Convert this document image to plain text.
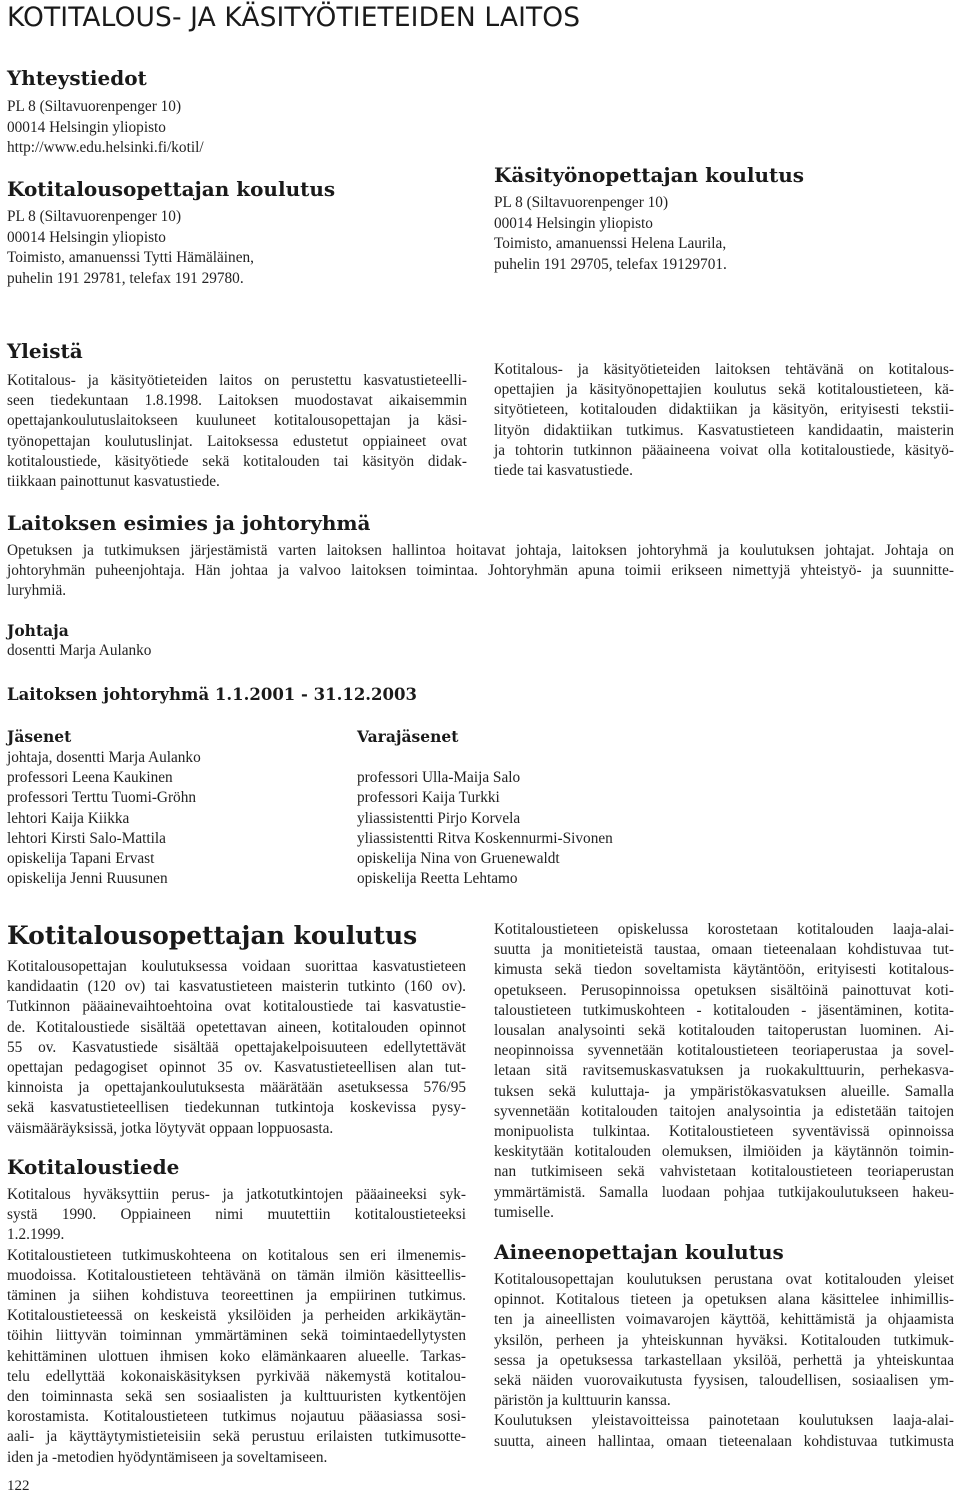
KOTITALOUS- JA KÄSITYÖTIETEIDEN LAITOS
Yhteystiedot
PL 8 (Siltavuorenpenger 10)
00014 Helsingin yliopisto
http://www.edu.helsinki.fi/kotil/
Kotitalousopettajan koulutus
PL 8 (Siltavuorenpenger 10)
00014 Helsingin yliopisto
Toimisto, amanuenssi Tytti Hämäläinen,
puhelin 191 29781, telefax 191 29780.
Käsityönopettajan koulutus
PL 8 (Siltavuorenpenger 10)
00014 Helsingin yliopisto
Toimisto, amanuenssi Helena Laurila,
puhelin 191 29705, telefax 19129701.
Yleistä
Kotitalous- ja käsityötieteiden laitos on perustettu kasvatustieteelli-
seen tiedekuntaan 1.8.1998. Laitoksen muodostavat aikaisemmin
opettajankoulutuslaitokseen kuuluneet kotitalousopettajan ja käsi-
työnopettajan koulutuslinjat. Laitoksessa edustetut oppiaineet ovat
kotitaloustiede, käsityötiede sekä kotitalouden tai käsityön didak-
tiikkaan painottunut kasvatustiede.
Kotitalous- ja käsityötieteiden laitoksen tehtävänä on kotitalous-
opettajien ja käsityönopettajien koulutus sekä kotitaloustieteen, kä-
sityötieteen, kotitalouden didaktiikan ja käsityön, erityisesti tekstii-
lityön didaktiikan tutkimus. Kasvatustieteen kandidaatin, maisterin
ja tohtorin tutkinnon pääaineena voivat olla kotitaloustiede, käsityö-
tiede tai kasvatustiede.
Laitoksen esimies ja johtoryhmä
Opetuksen ja tutkimuksen järjestämistä varten laitoksen hallintoa hoitavat johtaja, laitoksen johtoryhmä ja koulutuksen johtajat. Johtaja on
johtoryhmän puheenjohtaja. Hän johtaa ja valvoo laitoksen toimintaa. Johtoryhmän apuna toimii erikseen nimettyjä yhteistyö- ja suunnitte-
luryhmiä.
Johtaja
dosentti Marja Aulanko
Laitoksen johtoryhmä 1.1.2001 - 31.12.2003
Jäsenet	Varajäsenet
johtaja, dosentti Marja Aulanko
professori Leena Kaukinen
professori Terttu Tuomi-Gröhn
lehtori Kaija Kiikka
lehtori Kirsti Salo-Mattila
opiskelija Tapani Ervast
opiskelija Jenni Ruusunen
professori Ulla-Maija Salo
professori Kaija Turkki
yliassistentti Pirjo Korvela
yliassistentti Ritva Koskennurmi-Sivonen
opiskelija Nina von Gruenewaldt
opiskelija Reetta Lehtamo
Kotitalousopettajan koulutus
Kotitalousopettajan koulutuksessa voidaan suorittaa kasvatustieteen
kandidaatin (120 ov) tai kasvatustieteen maisterin tutkinto (160 ov).
Tutkinnon pääainevaihtoehtoina ovat kotitaloustiede tai kasvatustie-
de. Kotitaloustiede sisältää opetettavan aineen, kotitalouden opinnot
55 ov. Kasvatustiede sisältää opettajakelpoisuuteen edellytettävät
opettajan pedagogiset opinnot 35 ov. Kasvatustieteellisen alan tut-
kinnoista ja opettajankoulutuksesta määrätään asetuksessa 576/95
sekä kasvatustieteellisen tiedekunnan tutkintoja koskevissa pysy-
väismääräyksissä, jotka löytyvät oppaan loppuosasta.
Kotitaloustiede
Kotitalous hyväksyttiin perus- ja jatkotutkintojen pääaineeksi syk-
systä 1990. Oppiaineen nimi muutettiin kotitaloustieteeksi
1.2.1999.
Kotitaloustieteen tutkimuskohteena on kotitalous sen eri ilmenemis-
muodoissa. Kotitaloustieteen tehtävänä on tämän ilmiön käsitteellis-
täminen ja siihen kohdistuva teoreettinen ja empiirinen tutkimus.
Kotitaloustieteessä on keskeistä yksilöiden ja perheiden arkikäytän-
töihin liittyvän toiminnan ymmärtäminen sekä toimintaedellytysten
kehittäminen ulottuen ihmisen koko elämänkaaren alueelle. Tarkas-
telu edellyttää kokonaiskäsityksen pyrkivää näkemystä kotitalou-
den toiminnasta sekä sen sosiaalisten ja kulttuuristen kytkentöjen
korostamista. Kotitaloustieteen tutkimus nojautuu pääasiassa sosi-
aali- ja käyttäytymistieteisiin sekä perustuu erilaisten tutkimusotte-
iden ja -metodien hyödyntämiseen ja soveltamiseen.
Kotitaloustieteen opiskelussa korostetaan kotitalouden laaja-alai-
suutta ja monitieteistä taustaa, omaan tieteenalaan kohdistuvaa tut-
kimusta sekä tiedon soveltamista käytäntöön, erityisesti kotitalous-
opetukseen. Perusopinnoissa opetuksen sisältöinä painottuvat koti-
taloustieteen tutkimuskohteen - kotitalouden - jäsentäminen, kotita-
lousalan analysointi sekä kotitalouden taitoperustan luominen. Ai-
neopinnoissa syvennetään kotitaloustieteen teoriaperustaa ja sovel-
letaan sitä ravitsemuskasvatuksen ja ruokakulttuurin, perhekasva-
tuksen sekä kuluttaja- ja ympäristökasvatuksen alueille. Samalla
syvennetään kotitalouden taitojen analysointia ja edistetään taitojen
monipuolista tulkintaa. Kotitaloustieteen syventävissä opinnoissa
keskitytään kotitalouden olemuksen, ilmiöiden ja käytännön toimin-
nan tutkimiseen sekä vahvistetaan kotitaloustieteen teoriaperustan
ymmärtämistä. Samalla luodaan pohjaa tutkijakoulutukseen hakeu-
tumiselle.
Aineenopettajan koulutus
Kotitalousopettajan koulutuksen perustana ovat kotitalouden yleiset
opinnot. Kotitalous tieteen ja opetuksen alana käsittelee inhimillis-
ten ja aineellisten voimavarojen käyttöä, kehittämistä ja ohjaamista
yksilön, perheen ja yhteiskunnan hyväksi. Kotitalouden tutkimuk-
sessa ja opetuksessa tarkastellaan yksilöä, perhettä ja yhteiskuntaa
sekä näiden vuorovaikutusta fyysisen, taloudellisen, sosiaalisen ym-
päristön ja kulttuurin kanssa.
Koulutuksen yleistavoitteissa painotetaan koulutuksen laaja-alai-
suutta, aineen hallintaa, omaan tieteenalaan kohdistuvaa tutkimusta
122
